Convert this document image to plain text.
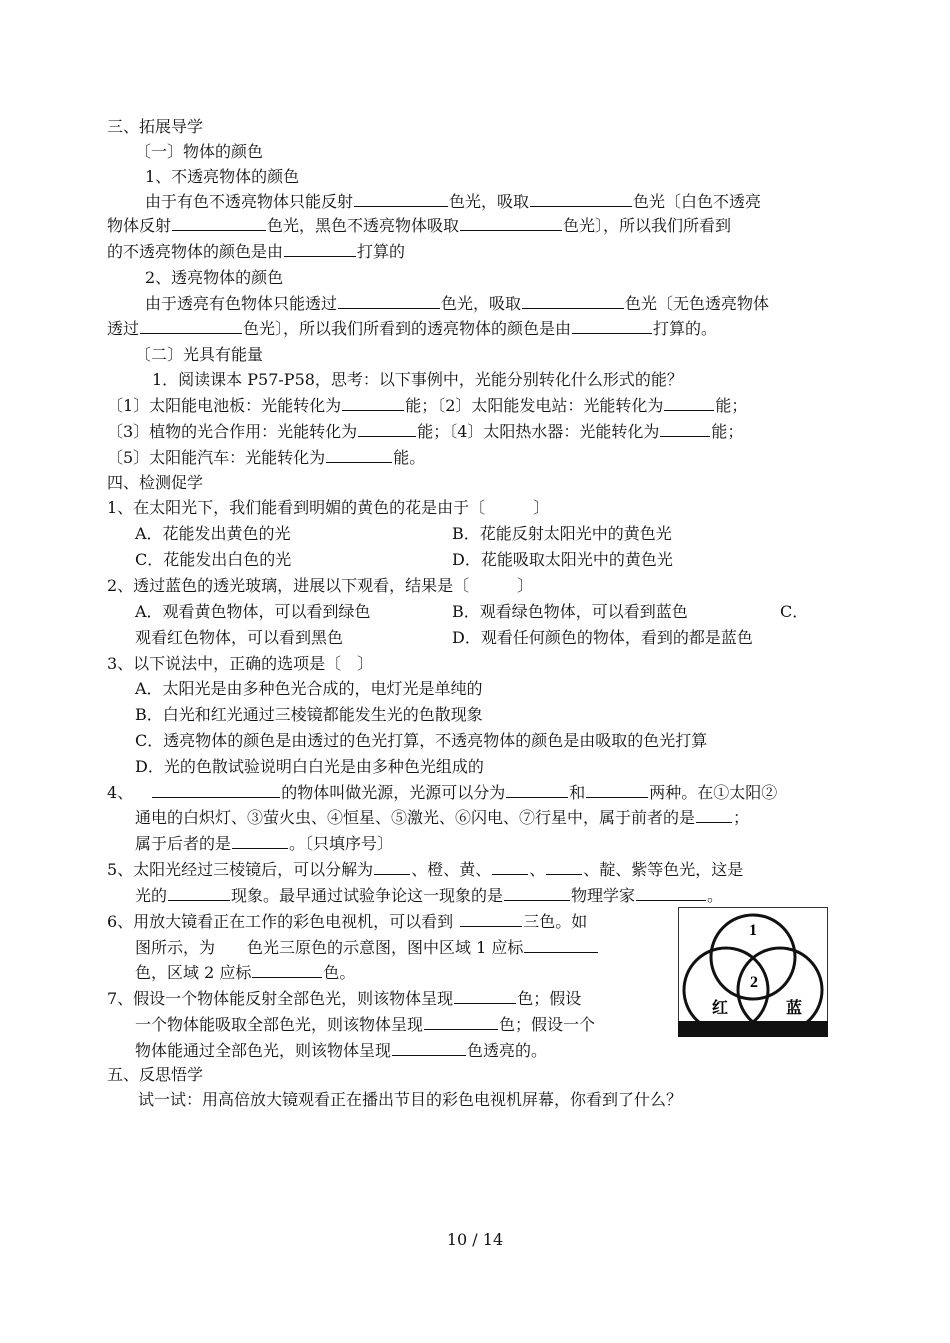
三、拓展导学
〔一〕物体的颜色
1、不透亮物体的颜色
由于有色不透亮物体只能反射	色光，吸取	色光〔白色不透亮
物体反射	色光，黑色不透亮物体吸取	色光〕，所以我们所看到
的不透亮物体的颜色是由	打算的
2、透亮物体的颜色
由于透亮有色物体只能透过	色光，吸取	色光〔无色透亮物体
透过	色光〕，所以我们所看到的透亮物体的颜色是由	打算的。
〔二〕光具有能量
1．阅读课本 P57-P58，思考：以下事例中，光能分别转化什么形式的能？
〔1〕太阳能电池板：光能转化为	能；〔2〕太阳能发电站：光能转化为	能；
〔3〕植物的光合作用：光能转化为	能；〔4〕太阳热水器：光能转化为	能；
〔5〕太阳能汽车：光能转化为	能。
四、检测促学
1、在太阳光下，我们能看到明媚的黄色的花是由于〔　　　〕
A．花能发出黄色的光	B．花能反射太阳光中的黄色光
C．花能发出白色的光	D．花能吸取太阳光中的黄色光
2、透过蓝色的透光玻璃，进展以下观看，结果是〔　　　〕
A．观看黄色物体，可以看到绿色	B．观看绿色物体，可以看到蓝色	C．
观看红色物体，可以看到黑色	D．观看任何颜色的物体，看到的都是蓝色
3、以下说法中，正确的选项是〔　〕
A．太阳光是由多种色光合成的，电灯光是单纯的
B．白光和红光通过三棱镜都能发生光的色散现象
C．透亮物体的颜色是由透过的色光打算，不透亮物体的颜色是由吸取的色光打算
D．光的色散试验说明白白光是由多种色光组成的
4、	的物体叫做光源，光源可以分为	和	两种。在①太阳②
通电的白炽灯、③萤火虫、④恒星、⑤激光、⑥闪电、⑦行星中，属于前者的是 ；
属于后者的是	。〔只填序号〕
5、太阳光经过三棱镜后，可以分解为 、橙、黄、 、 、靛、紫等色光，这是
光的	现象。最早通过试验争论这一现象的是	物理学家	。
6、用放大镜看正在工作的彩色电视机，可以看到	三色。如
图所示，为　　色光三原色的示意图，图中区域 1 应标
色，区域 2 应标	色。
7、假设一个物体能反射全部色光，则该物体呈现	色；假设
一个物体能吸取全部色光，则该物体呈现	色；假设一个
物体能通过全部色光，则该物体呈现	色透亮的。
1
2
红	蓝
五、反思悟学
试一试：用高倍放大镜观看正在播出节目的彩色电视机屏幕，你看到了什么？
10 / 14
